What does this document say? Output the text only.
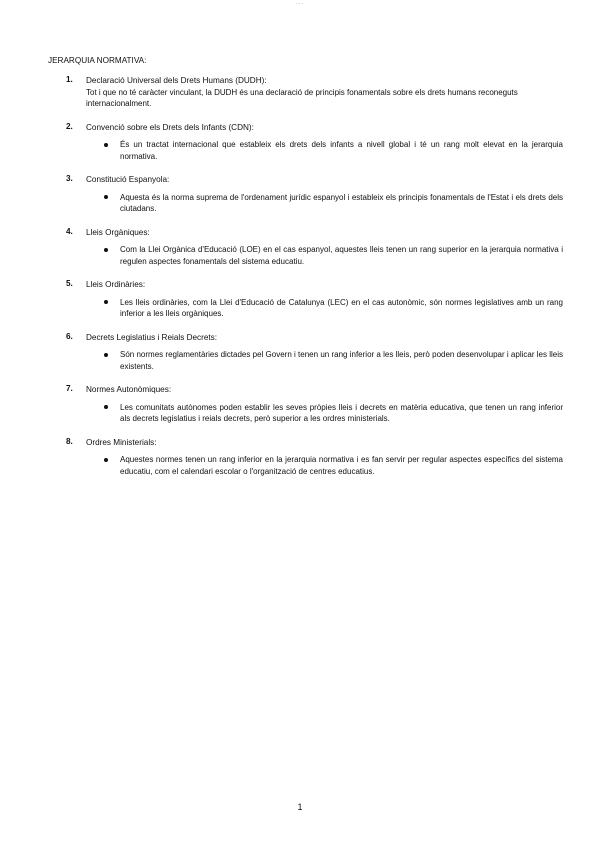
...
JERARQUIA NORMATIVA:
1. Declaració Universal dels Drets Humans (DUDH):
Tot i que no té caràcter vinculant, la DUDH és una declaració de principis fonamentals sobre els drets humans reconeguts internacionalment.
2. Convenció sobre els Drets dels Infants (CDN):
És un tractat internacional que estableix els drets dels infants a nivell global i té un rang molt elevat en la jerarquia normativa.
3. Constitució Espanyola:
Aquesta és la norma suprema de l'ordenament jurídic espanyol i estableix els principis fonamentals de l'Estat i els drets dels ciutadans.
4. Lleis Orgàniques:
Com la Llei Orgànica d'Educació (LOE) en el cas espanyol, aquestes lleis tenen un rang superior en la jerarquia normativa i regulen aspectes fonamentals del sistema educatiu.
5. Lleis Ordinàries:
Les lleis ordinàries, com la Llei d'Educació de Catalunya (LEC) en el cas autonòmic, són normes legislatives amb un rang inferior a les lleis orgàniques.
6. Decrets Legislatius i Reials Decrets:
Són normes reglamentàries dictades pel Govern i tenen un rang inferior a les lleis, però poden desenvolupar i aplicar les lleis existents.
7. Normes Autonòmiques:
Les comunitats autònomes poden establir les seves pròpies lleis i decrets en matèria educativa, que tenen un rang inferior als decrets legislatius i reials decrets, però superior a les ordres ministerials.
8. Ordres Ministerials:
Aquestes normes tenen un rang inferior en la jerarquia normativa i es fan servir per regular aspectes específics del sistema educatiu, com el calendari escolar o l'organització de centres educatius.
1
